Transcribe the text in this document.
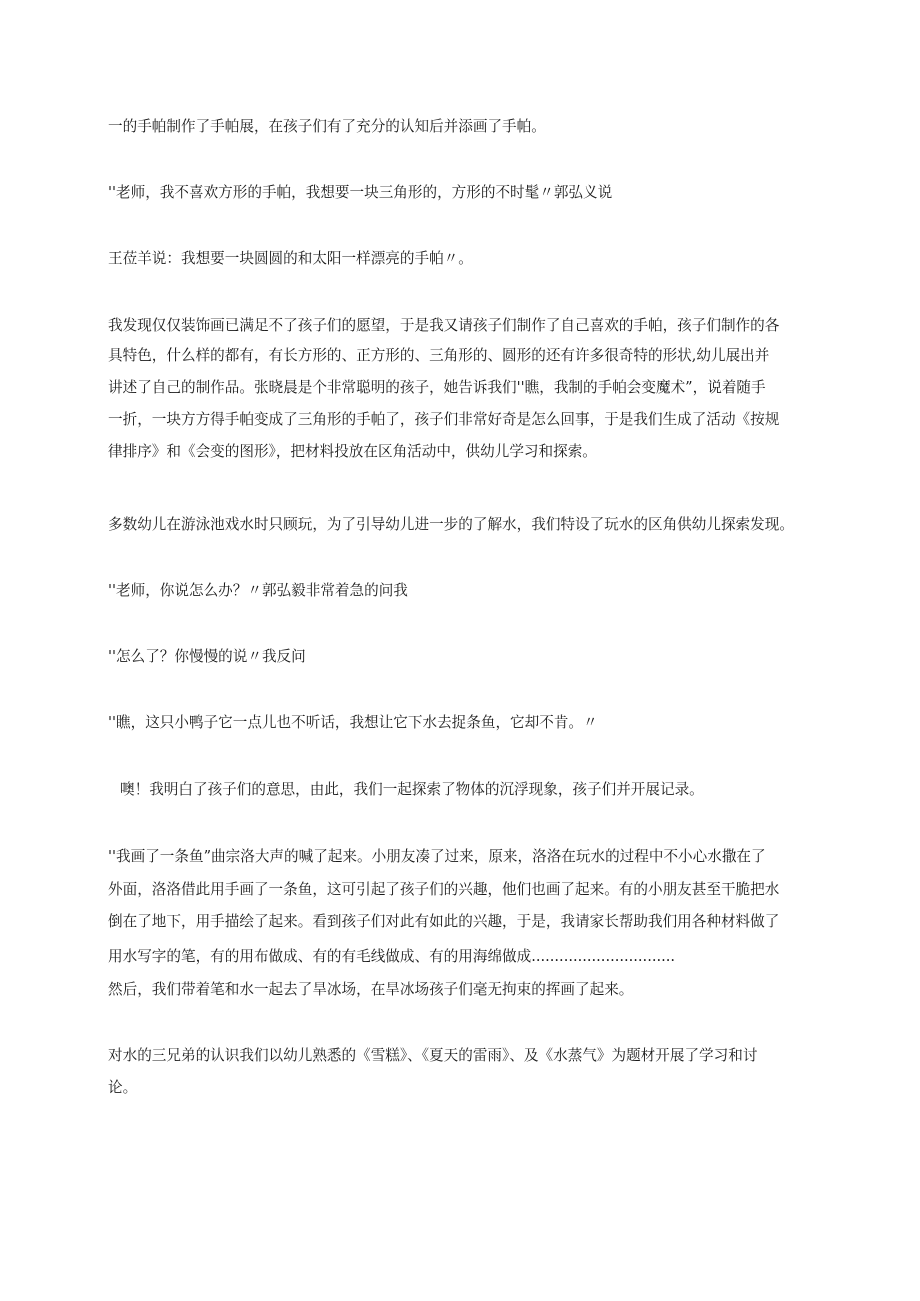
一的手帕制作了手帕展，在孩子们有了充分的认知后并添画了手帕。
''老师，我不喜欢方形的手帕，我想要一块三角形的，方形的不时髦〃郭弘义说
王莅羊说：我想要一块圆圆的和太阳一样漂亮的手帕〃。
我发现仅仅装饰画已满足不了孩子们的愿望，于是我又请孩子们制作了自己喜欢的手帕，孩子们制作的各
具特色，什么样的都有，有长方形的、正方形的、三角形的、圆形的还有许多很奇特的形状,幼儿展出并
讲述了自己的制作品。张晓晨是个非常聪明的孩子，她告诉我们''瞧，我制的手帕会变魔术”，说着随手
一折，一块方方得手帕变成了三角形的手帕了，孩子们非常好奇是怎么回事，于是我们生成了活动《按规
律排序》和《会变的图形》，把材料投放在区角活动中，供幼儿学习和探索。
多数幼儿在游泳池戏水时只顾玩，为了引导幼儿进一步的了解水，我们特设了玩水的区角供幼儿探索发现。
''老师，你说怎么办？〃郭弘毅非常着急的问我
''怎么了？你慢慢的说〃我反问
''瞧，这只小鸭子它一点儿也不听话，我想让它下水去捉条鱼，它却不肯。〃
噢！我明白了孩子们的意思，由此，我们一起探索了物体的沉浮现象，孩子们并开展记录。
''我画了一条鱼”曲宗洛大声的喊了起来。小朋友凑了过来，原来，洛洛在玩水的过程中不小心水撒在了
外面，洛洛借此用手画了一条鱼，这可引起了孩子们的兴趣，他们也画了起来。有的小朋友甚至干脆把水
倒在了地下，用手描绘了起来。看到孩子们对此有如此的兴趣，于是，我请家长帮助我们用各种材料做了
用水写字的笔，有的用布做成、有的有毛线做成、有的用海绵做成...............................
然后，我们带着笔和水一起去了旱冰场，在旱冰场孩子们毫无拘束的挥画了起来。
对水的三兄弟的认识我们以幼儿熟悉的《雪糕》、《夏天的雷雨》、及《水蒸气》为题材开展了学习和讨
论。
